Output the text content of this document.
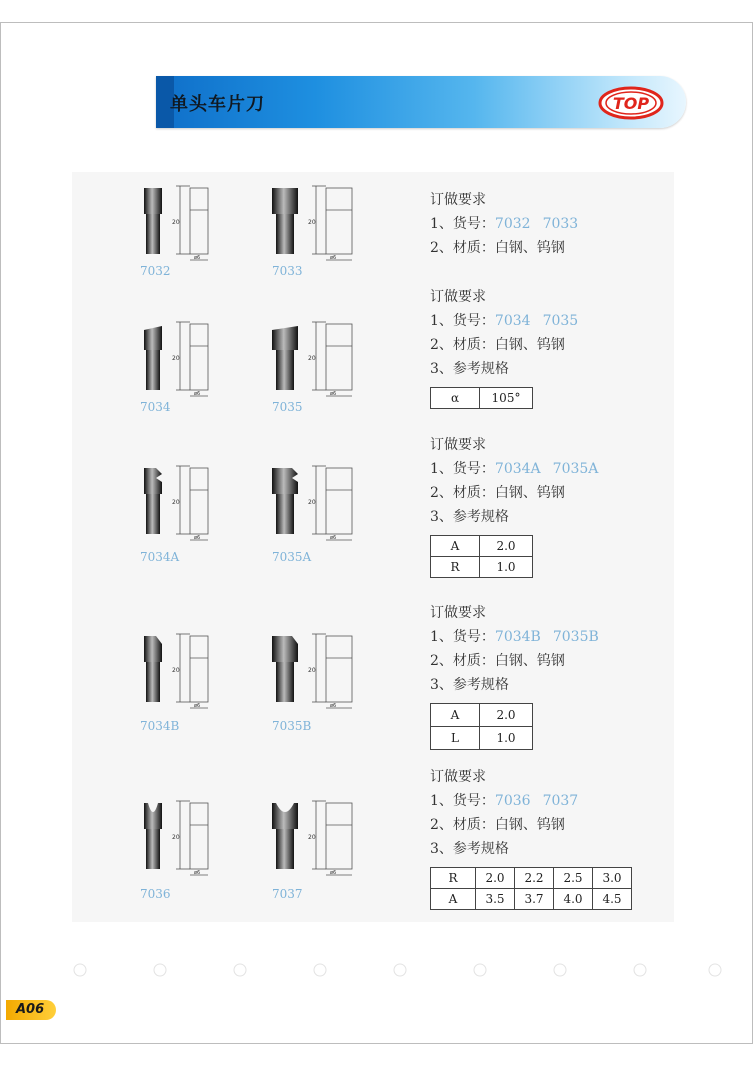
单头车片刀	TOP
订做要求
1、货号：7032 7033
2、材质：白钢、钨钢
订做要求
1、货号：7034 7035
2、材质：白钢、钨钢
3、参考规格
α	105°
订做要求
1、货号：7034A 7035A
2、材质：白钢、钨钢
3、参考规格
A	2.0
R	1.0
订做要求
1、货号：7034B 7035B
2、材质：白钢、钨钢
3、参考规格
A	2.0
L	1.0
订做要求
1、货号：7036 7037
2、材质：白钢、钨钢
3、参考规格
R	2.0	2.2	2.5	3.0
A	3.5	3.7	4.0	4.5
20
ø6
7032
20
ø6
7033
20
ø6
7034
20
ø6
7035
20
ø6
7034A
20
ø6
7035A
20
ø6
7034B
20
ø6
7035B
20
ø6
7036
20
ø6
7037
A06
